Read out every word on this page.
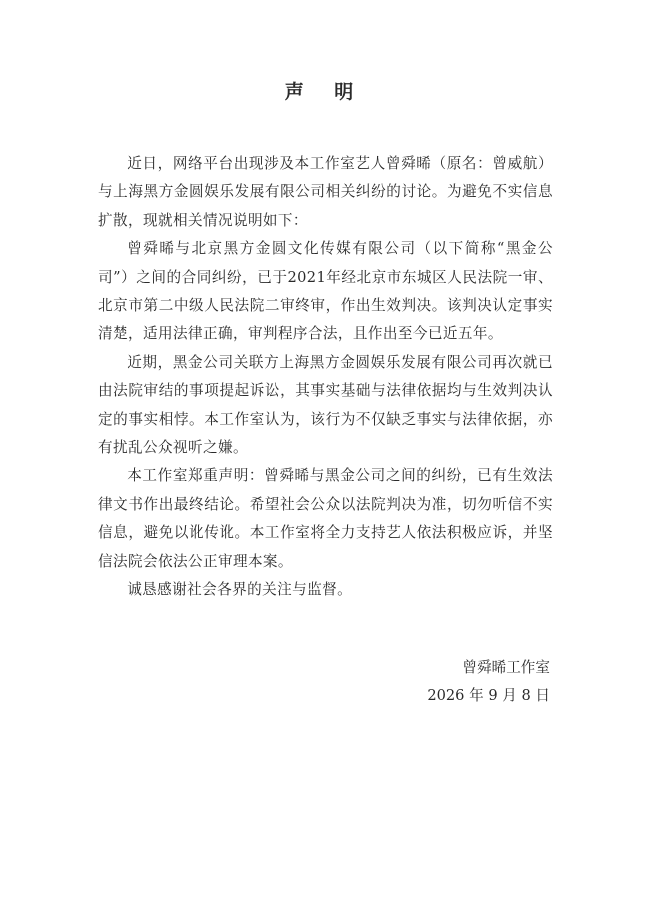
声 明

近日，网络平台出现涉及本工作室艺人曾舜晞（原名：曾威航）与上海黑方金圆娱乐发展有限公司相关纠纷的讨论。为避免不实信息扩散，现就相关情况说明如下：

曾舜晞与北京黑方金圆文化传媒有限公司（以下简称“黑金公司”）之间的合同纠纷，已于2021年经北京市东城区人民法院一审、北京市第二中级人民法院二审终审，作出生效判决。该判决认定事实清楚，适用法律正确，审判程序合法，且作出至今已近五年。

近期，黑金公司关联方上海黑方金圆娱乐发展有限公司再次就已由法院审结的事项提起诉讼，其事实基础与法律依据均与生效判决认定的事实相悖。本工作室认为，该行为不仅缺乏事实与法律依据，亦有扰乱公众视听之嫌。

本工作室郑重声明：曾舜晞与黑金公司之间的纠纷，已有生效法律文书作出最终结论。希望社会公众以法院判决为准，切勿听信不实信息，避免以讹传讹。本工作室将全力支持艺人依法积极应诉，并坚信法院会依法公正审理本案。

诚恳感谢社会各界的关注与监督。

曾舜晞工作室
2026 年 9 月 8 日
